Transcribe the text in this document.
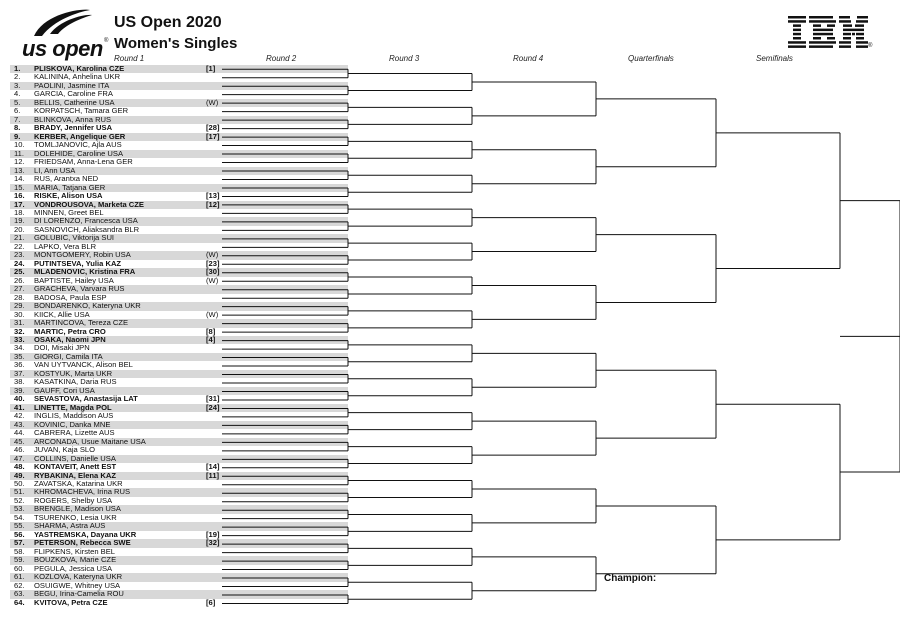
us open ®
US Open 2020
Women's Singles	®
Round 1	Round 2	Round 3	Round 4	Quarterfinals	Semifinals
1.	PLISKOVA, Karolina CZE	[1]
2.	KALININA, Anhelina UKR
3.	PAOLINI, Jasmine ITA
4.	GARCIA, Caroline FRA
5.	BELLIS, Catherine USA	(W)
6.	KORPATSCH, Tamara GER
7.	BLINKOVA, Anna RUS
8.	BRADY, Jennifer USA	[28]
9.	KERBER, Angelique GER	[17]
10.	TOMLJANOVIC, Ajla AUS
11.	DOLEHIDE, Caroline USA
12.	FRIEDSAM, Anna-Lena GER
13.	LI, Ann USA
14.	RUS, Arantxa NED
15.	MARIA, Tatjana GER
16.	RISKE, Alison USA	[13]
17.	VONDROUSOVA, Marketa CZE	[12]
18.	MINNEN, Greet BEL
19.	DI LORENZO, Francesca USA
20.	SASNOVICH, Aliaksandra BLR
21.	GOLUBIC, Viktorija SUI
22.	LAPKO, Vera BLR
23.	MONTGOMERY, Robin USA	(W)
24.	PUTINTSEVA, Yulia KAZ	[23]
25.	MLADENOVIC, Kristina FRA	[30]
26.	BAPTISTE, Hailey USA	(W)
27.	GRACHEVA, Varvara RUS
28.	BADOSA, Paula ESP
29.	BONDARENKO, Kateryna UKR
30.	KIICK, Allie USA	(W)
31.	MARTINCOVA, Tereza CZE
32.	MARTIC, Petra CRO	[8]
33.	OSAKA, Naomi JPN	[4]
34.	DOI, Misaki JPN
35.	GIORGI, Camila ITA
36.	VAN UYTVANCK, Alison BEL
37.	KOSTYUK, Marta UKR
38.	KASATKINA, Daria RUS
39.	GAUFF, Cori USA
40.	SEVASTOVA, Anastasija LAT	[31]
41.	LINETTE, Magda POL	[24]
42.	INGLIS, Maddison AUS
43.	KOVINIC, Danka MNE
44.	CABRERA, Lizette AUS
45.	ARCONADA, Usue Maitane USA
46.	JUVAN, Kaja SLO
47.	COLLINS, Danielle USA
48.	KONTAVEIT, Anett EST	[14]
49.	RYBAKINA, Elena KAZ	[11]
50.	ZAVATSKA, Katarina UKR
51.	KHROMACHEVA, Irina RUS
52.	ROGERS, Shelby USA
53.	BRENGLE, Madison USA
54.	TSURENKO, Lesia UKR
55.	SHARMA, Astra AUS
56.	YASTREMSKA, Dayana UKR	[19]
57.	PETERSON, Rebecca SWE	[32]
58.	FLIPKENS, Kirsten BEL
59.	BOUZKOVA, Marie CZE
60.	PEGULA, Jessica USA
61.	KOZLOVA, Kateryna UKR
62.	OSUIGWE, Whitney USA
63.	BEGU, Irina-Camelia ROU
64.	KVITOVA, Petra CZE	[6]
Champion:
